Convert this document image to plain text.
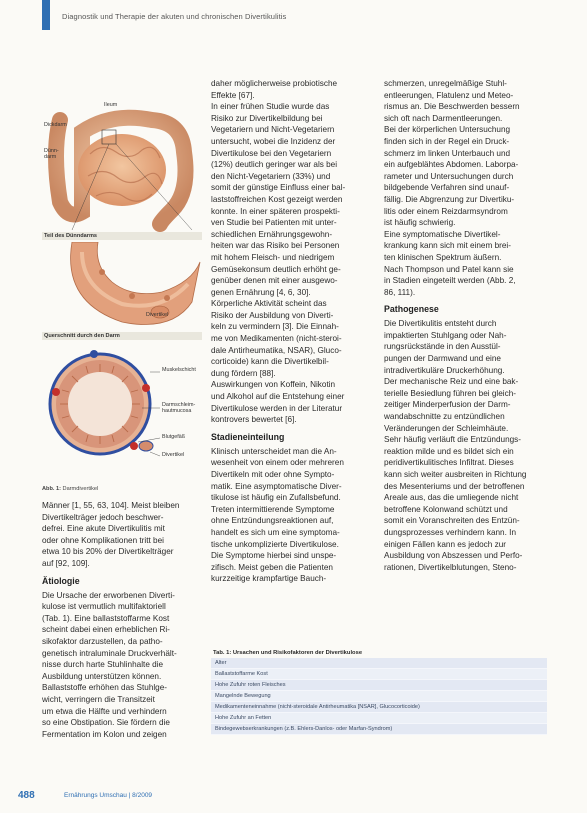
Diagnostik und Therapie der akuten und chronischen Divertikulitis
Ileum
Dickdarm
Dünn-
darm
Teil des Dünndarms
Divertikel
Querschnitt durch den Darm
Muskelschicht
Darmschleim-
hautmucosa
Blutgefäß
Divertikel
Abb. 1: Darmdivertikel

Männer [1, 55, 63, 104]. Meist bleiben

Divertikelträger jedoch beschwer-

defrei. Eine akute Divertikulitis mit

oder ohne Komplikationen tritt bei

etwa 10 bis 20% der Divertikelträger

auf [92, 109].

Ätiologie

Die Ursache der erworbenen Diverti-

kulose ist vermutlich multifaktoriell

(Tab. 1). Eine ballaststoffarme Kost

scheint dabei einen erheblichen Ri-

sikofaktor darzustellen, da patho-

genetisch intraluminale Druckverhält-

nisse durch harte Stuhlinhalte die

Ausbildung unterstützen können.

Ballaststoffe erhöhen das Stuhlge-

wicht, verringern die Transitzeit

um etwa die Hälfte und verhindern

so eine Obstipation. Sie fördern die

Fermentation im Kolon und zeigen

daher möglicherweise probiotische

Effekte [67].

In einer frühen Studie wurde das

Risiko zur Divertikelbildung bei

Vegetariern und Nicht-Vegetariern

untersucht, wobei die Inzidenz der

Divertikulose bei den Vegetariern

(12%) deutlich geringer war als bei

den Nicht-Vegetariern (33%) und

somit der günstige Einfluss einer bal-

laststoffreichen Kost gezeigt werden

konnte. In einer späteren prospekti-

ven Studie bei Patienten mit unter-

schiedlichen Ernährungsgewohn-

heiten war das Risiko bei Personen

mit hohem Fleisch- und niedrigem

Gemüsekonsum deutlich erhöht ge-

genüber denen mit einer ausgewo-

genen Ernährung [4, 6, 30].

Körperliche Aktivität scheint das

Risiko der Ausbildung von Diverti-

keln zu vermindern [3]. Die Einnah-

me von Medikamenten (nicht-steroi-

dale Antirheumatika, NSAR), Gluco-

corticoide) kann die Divertikelbil-

dung fördern [88].

Auswirkungen von Koffein, Nikotin

und Alkohol auf die Entstehung einer

Divertikulose werden in der Literatur

kontrovers bewertet [6].

Stadieneinteilung

Klinisch unterscheidet man die An-

wesenheit von einem oder mehreren

Divertikeln mit oder ohne Sympto-

matik. Eine asymptomatische Diver-

tikulose ist häufig ein Zufallsbefund.

Treten intermittierende Symptome

ohne Entzündungsreaktionen auf,

handelt es sich um eine symptoma-

tische unkomplizierte Divertikulose.

Die Symptome hierbei sind unspe-

zifisch. Meist geben die Patienten

kurzzeitige krampfartige Bauch-

schmerzen, unregelmäßige Stuhl-

entleerungen, Flatulenz und Meteo-

rismus an. Die Beschwerden bessern

sich oft nach Darmentleerungen.

Bei der körperlichen Untersuchung

finden sich in der Regel ein Druck-

schmerz im linken Unterbauch und

ein aufgeblähtes Abdomen. Laborpa-

rameter und Untersuchungen durch

bildgebende Verfahren sind unauf-

fällig. Die Abgrenzung zur Divertiku-

litis oder einem Reizdarmsyndrom

ist häufig schwierig.

Eine symptomatische Divertikel-

krankung kann sich mit einem brei-

ten klinischen Spektrum äußern.

Nach Thompson und Patel kann sie

in Stadien eingeteilt werden (Abb. 2,

86, 111).

Pathogenese

Die Divertikulitis entsteht durch

impaktierten Stuhlgang oder Nah-

rungsrückstände in den Ausstül-

pungen der Darmwand und eine

intradivertikuläre Druckerhöhung.

Der mechanische Reiz und eine bak-

terielle Besiedlung führen bei gleich-

zeitiger Minderperfusion der Darm-

wandabschnitte zu entzündlichen

Veränderungen der Schleimhäute.

Sehr häufig verläuft die Entzündungs-

reaktion milde und es bildet sich ein

peridivertikulitisches Infiltrat. Dieses

kann sich weiter ausbreiten in Richtung

des Mesenteriums und der betroffenen

Areale aus, das die umliegende nicht

betroffene Kolonwand schützt und

somit ein Voranschreiten des Entzün-

dungsprozesses verhindern kann. In

einigen Fällen kann es jedoch zur

Ausbildung von Abszessen und Perfo-

rationen, Divertikelblutungen, Steno-

Tab. 1: Ursachen und Risikofaktoren der Divertikulose
Alter
Ballaststoffarme Kost
Hohe Zufuhr roten Fleisches
Mangelnde Bewegung
Medikamenteneinnahme (nicht-steroidale Antirheumatika [NSAR], Glucocorticoide)
Hohe Zufuhr an Fetten
Bindegewebserkrankungen (z.B. Ehlers-Danlos- oder Marfan-Syndrom)
488	Ernährungs Umschau | 8/2009
